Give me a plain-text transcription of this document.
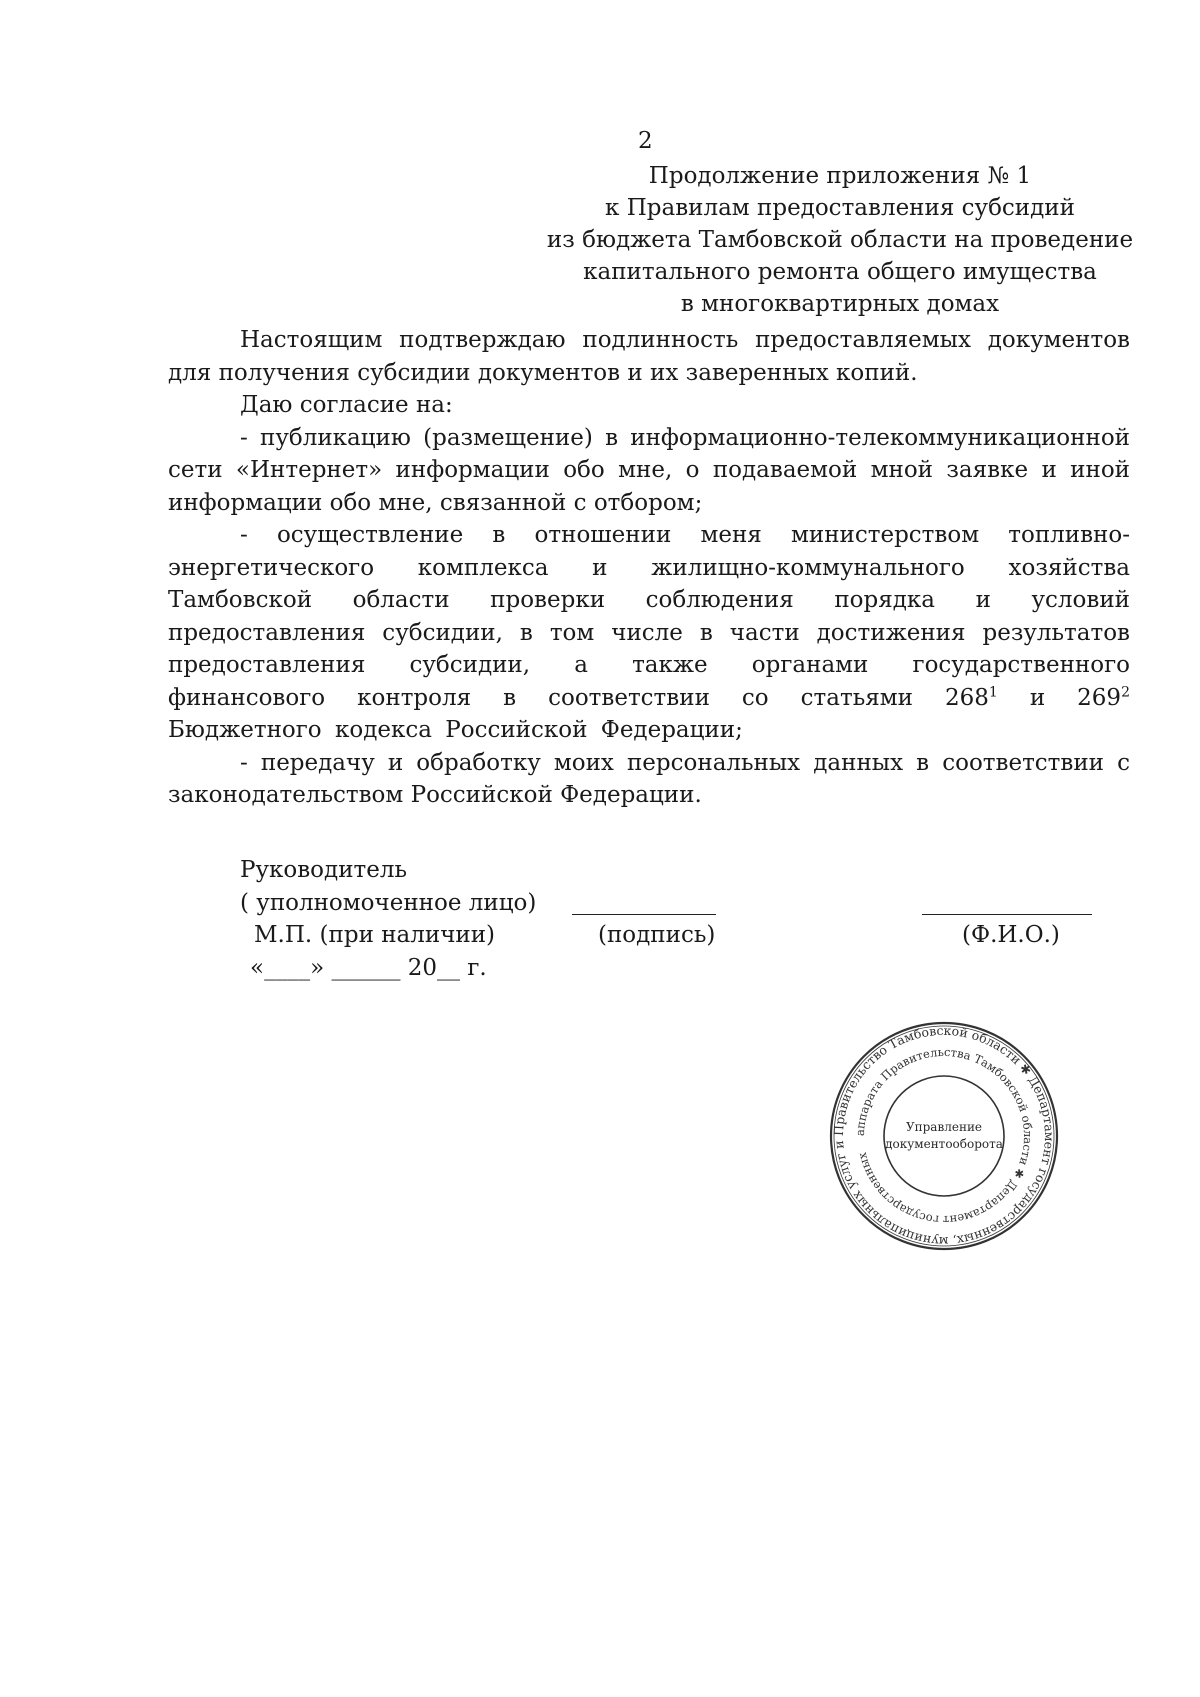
2
Продолжение приложения № 1
к Правилам предоставления субсидий
из бюджета Тамбовской области на проведение
капитального ремонта общего имущества
в многоквартирных домах

Настоящим подтверждаю подлинность предоставляемых документов для получения субсидии документов и их заверенных копий.

Даю согласие на:

- публикацию (размещение) в информационно-телекоммуникационной сети «Интернет» информации обо мне, о подаваемой мной заявке и иной информации обо мне, связанной с отбором;

- осуществление в отношении меня министерством топливно-энергетического комплекса и жилищно-коммунального хозяйства Тамбовской области проверки соблюдения порядка и условий предоставления субсидии, в том числе в части достижения результатов предоставления субсидии, а также органами государственного финансового контроля в соответствии со статьями $268^1$ и $269^2$ Бюджетного кодекса Российской Федерации;

- передачу и обработку моих персональных данных в соответствии с законодательством Российской Федерации.

Руководитель
( уполномоченное лицо)
М.П. (при наличии)	(подпись)	(Ф.И.О.)
«____» ______ 20__ г.
Правительство Тамбовской области ✱ Департамент государственных, муниципальных услуг и
аппарата Правительства Тамбовской области ✱ Департамент государственных
Управление
документооборота
